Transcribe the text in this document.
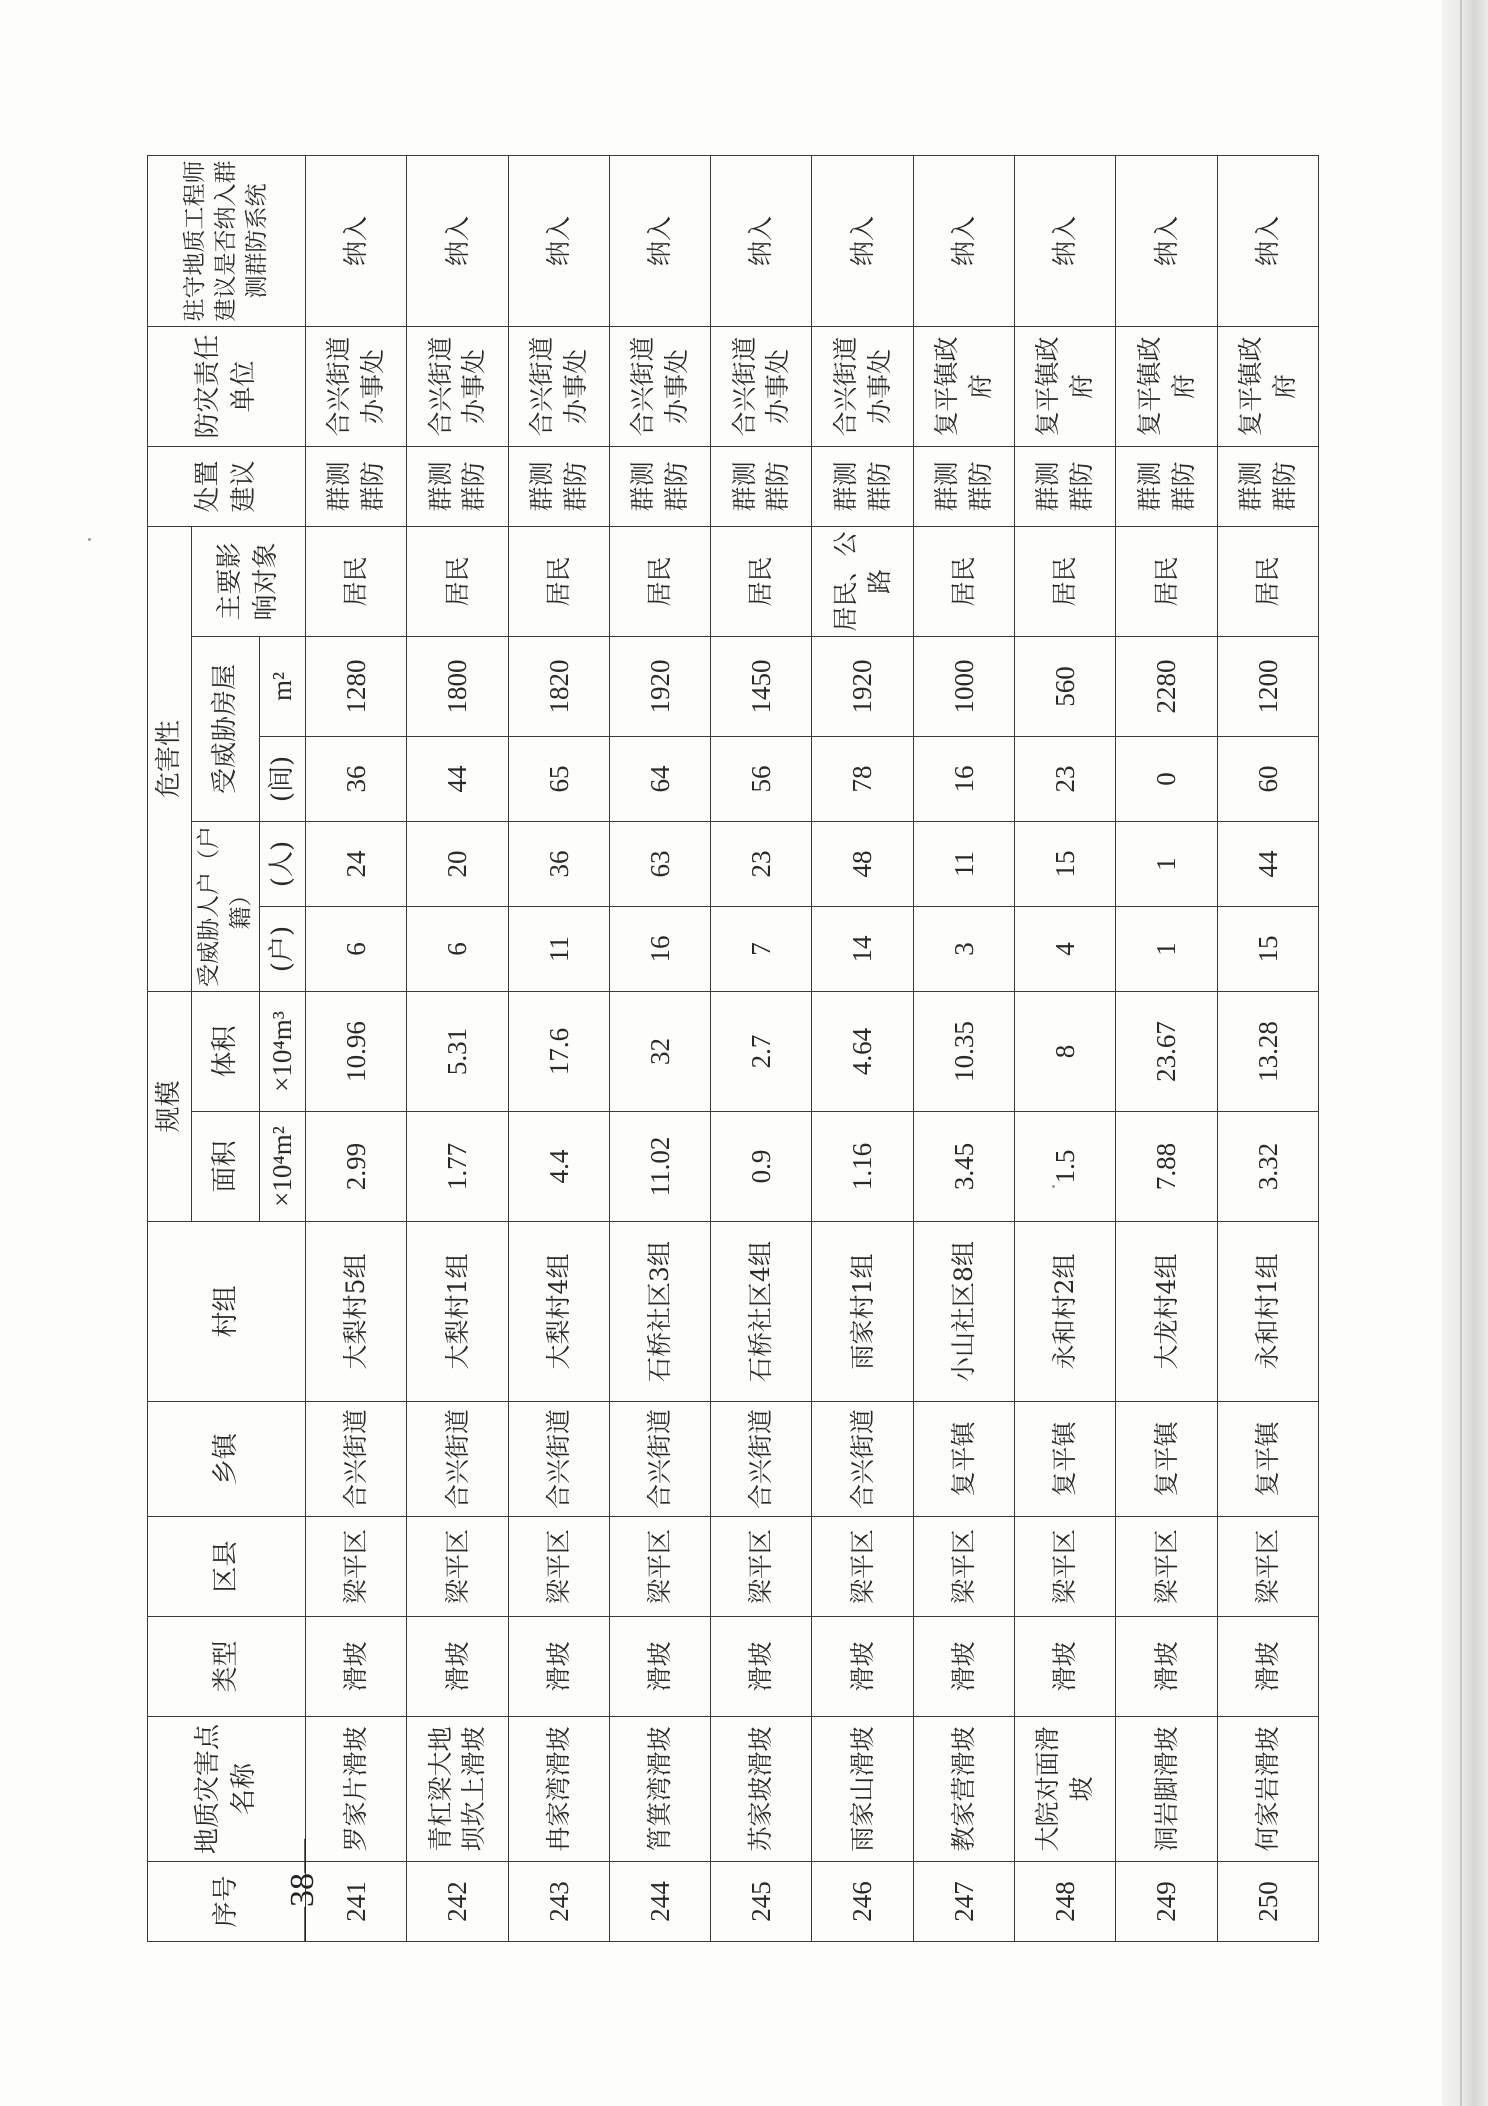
序号	地质灾害点名称	类型	区县	乡镇	村组	规模		危害性					处置建议	防灾责任单位	驻守地质工程师建议是否纳入群测群防系统
						面积	体积	受威胁人户（户籍）		受威胁房屋		主要影响对象			
						×10⁴m²	×10⁴m³	(户)	(人)	(间)	m²				
241	罗家片滑坡	滑坡	梁平区	合兴街道	大梨村5组	2.99	10.96	6	24	36	1280	居民	群测群防	合兴街道办事处	纳入
242	青杠梁大地坝坎上滑坡	滑坡	梁平区	合兴街道	大梨村1组	1.77	5.31	6	20	44	1800	居民	群测群防	合兴街道办事处	纳入
243	冉家湾滑坡	滑坡	梁平区	合兴街道	大梨村4组	4.4	17.6	11	36	65	1820	居民	群测群防	合兴街道办事处	纳入
244	筲箕湾滑坡	滑坡	梁平区	合兴街道	石桥社区3组	11.02	32	16	63	64	1920	居民	群测群防	合兴街道办事处	纳入
245	苏家坡滑坡	滑坡	梁平区	合兴街道	石桥社区4组	0.9	2.7	7	23	56	1450	居民	群测群防	合兴街道办事处	纳入
246	雨家山滑坡	滑坡	梁平区	合兴街道	雨家村1组	1.16	4.64	14	48	78	1920	居民、公路	群测群防	合兴街道办事处	纳入
247	教家营滑坡	滑坡	梁平区	复平镇	小山社区8组	3.45	10.35	3	11	16	1000	居民	群测群防	复平镇政府	纳入
248	大院对面滑坡	滑坡	梁平区	复平镇	永和村2组	1.5	8	4	15	23	560	居民	群测群防	复平镇政府	纳入
249	洞岩脚滑坡	滑坡	梁平区	复平镇	大龙村4组	7.88	23.67	1	1	0	2280	居民	群测群防	复平镇政府	纳入
250	何家岩滑坡	滑坡	梁平区	复平镇	永和村1组	3.32	13.28	15	44	60	1200	居民	群测群防	复平镇政府	纳入
—38—
